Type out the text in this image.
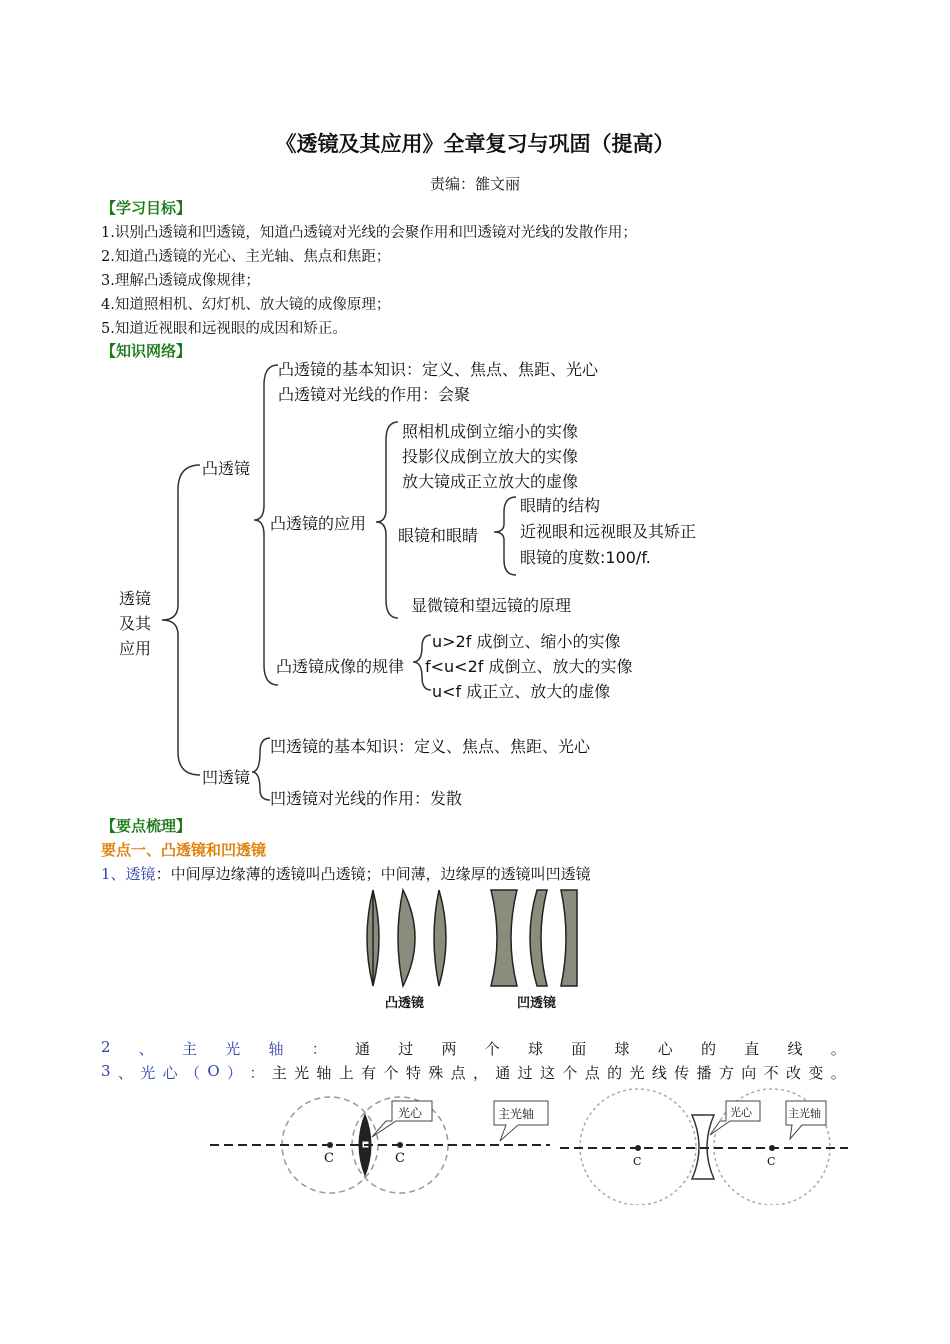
《透镜及其应用》全章复习与巩固（提高）
责编：雒文丽
【学习目标】
1.识别凸透镜和凹透镜，知道凸透镜对光线的会聚作用和凹透镜对光线的发散作用；
2.知道凸透镜的光心、主光轴、焦点和焦距；
3.理解凸透镜成像规律；
4.知道照相机、幻灯机、放大镜的成像原理；
5.知道近视眼和远视眼的成因和矫正。
【知识网络】
透镜
及其
应用
凸透镜
凹透镜
凸透镜的基本知识：定义、焦点、焦距、光心
凸透镜对光线的作用：会聚
凸透镜的应用
照相机成倒立缩小的实像
投影仪成倒立放大的实像
放大镜成正立放大的虚像
眼镜和眼睛
眼睛的结构
近视眼和远视眼及其矫正
眼镜的度数:100/f.
显微镜和望远镜的原理
凸透镜成像的规律
u>2f 成倒立、缩小的实像
f<u<2f 成倒立、放大的实像
u<f 成正立、放大的虚像
凹透镜的基本知识：定义、焦点、焦距、光心
凹透镜对光线的作用：发散
【要点梳理】
要点一、凸透镜和凹透镜
1、透镜：中间厚边缘薄的透镜叫凸透镜；中间薄，边缘厚的透镜叫凹透镜
凸透镜	凹透镜
2 、 主 光 轴 ： 通 过 两 个 球 面 球 心 的 直 线 。
3 、 光 心 （ O ） ： 主 光 轴 上 有 个 特 殊 点 ， 通 过 这 个 点 的 光 线 传 播 方 向 不 改 变 。
光心	主光轴	光心	主光轴
C	C	C	C
